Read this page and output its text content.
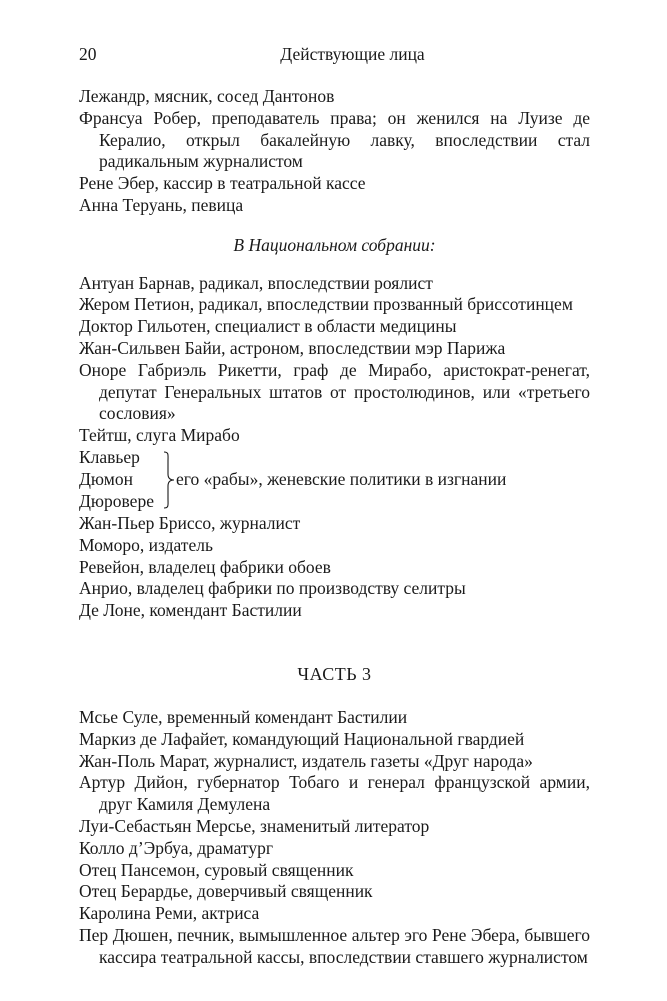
20	Действующие лица

Лежандр, мясник, сосед Дантонов

Франсуа Робер, преподаватель права; он женился на Луизе де Кералио, открыл бакалейную лавку, впоследствии стал радикальным журналистом

Рене Эбер, кассир в театральной кассе

Анна Теруань, певица

В Национальном собрании:

Антуан Барнав, радикал, впоследствии роялист

Жером Петион, радикал, впоследствии прозванный бриссотинцем

Доктор Гильотен, специалист в области медицины

Жан-Сильвен Байи, астроном, впоследствии мэр Парижа

Оноре Габриэль Рикетти, граф де Мирабо, аристократ-ренегат, депутат Генеральных штатов от простолюдинов, или «третьего сословия»

Тейтш, слуга Мирабо

Клавьер
Дюмон
Дюровере
его «рабы», женевские политики в изгнании

Жан-Пьер Бриссо, журналист

Моморо, издатель

Ревейон, владелец фабрики обоев

Анрио, владелец фабрики по производству селитры

Де Лоне, комендант Бастилии

ЧАСТЬ 3

Мсье Суле, временный комендант Бастилии

Маркиз де Лафайет, командующий Национальной гвардией

Жан-Поль Марат, журналист, издатель газеты «Друг народа»

Артур Дийон, губернатор Тобаго и генерал французской армии, друг Камиля Демулена

Луи-Себастьян Мерсье, знаменитый литератор

Колло д’Эрбуа, драматург

Отец Пансемон, суровый священник

Отец Берардье, доверчивый священник

Каролина Реми, актриса

Пер Дюшен, печник, вымышленное альтер эго Рене Эбера, бывшего кассира театральной кассы, впоследствии ставшего журналистом
